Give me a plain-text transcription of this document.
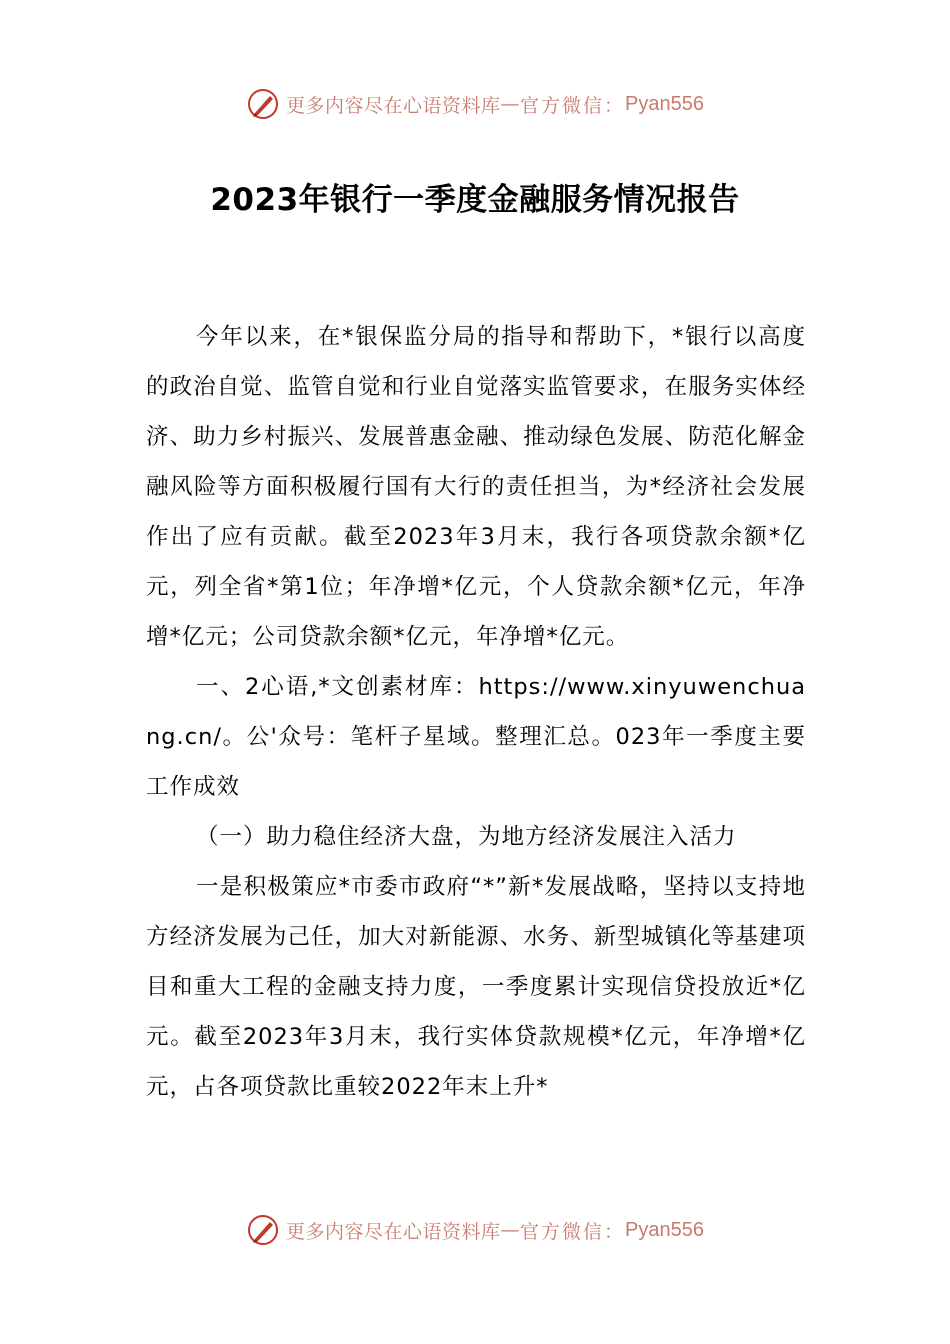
更多内容尽在心语资料库 — 官方微信： Pyan556
2023年银行一季度金融服务情况报告

今年以来，在*银保监分局的指导和帮助下，*银行以高度的政治自觉、监管自觉和行业自觉落实监管要求，在服务实体经济、助力乡村振兴、发展普惠金融、推动绿色发展、防范化解金融风险等方面积极履行国有大行的责任担当，为*经济社会发展作出了应有贡献。截至2023年3月末，我行各项贷款余额*亿元，列全省*第1位；年净增*亿元，个人贷款余额*亿元，年净增*亿元；公司贷款余额*亿元，年净增*亿元。

一、2心语,*文创素材库：https://www.xinyuwenchuang.cn/。公'众号：笔杆子星域。整理汇总。023年一季度主要工作成效

（一）助力稳住经济大盘，为地方经济发展注入活力

一是积极策应*市委市政府“*”新*发展战略，坚持以支持地方经济发展为己任，加大对新能源、水务、新型城镇化等基建项目和重大工程的金融支持力度，一季度累计实现信贷投放近*亿元。截至2023年3月末，我行实体贷款规模*亿元，年净增*亿元，占各项贷款比重较2022年末上升*

更多内容尽在心语资料库 — 官方微信： Pyan556
